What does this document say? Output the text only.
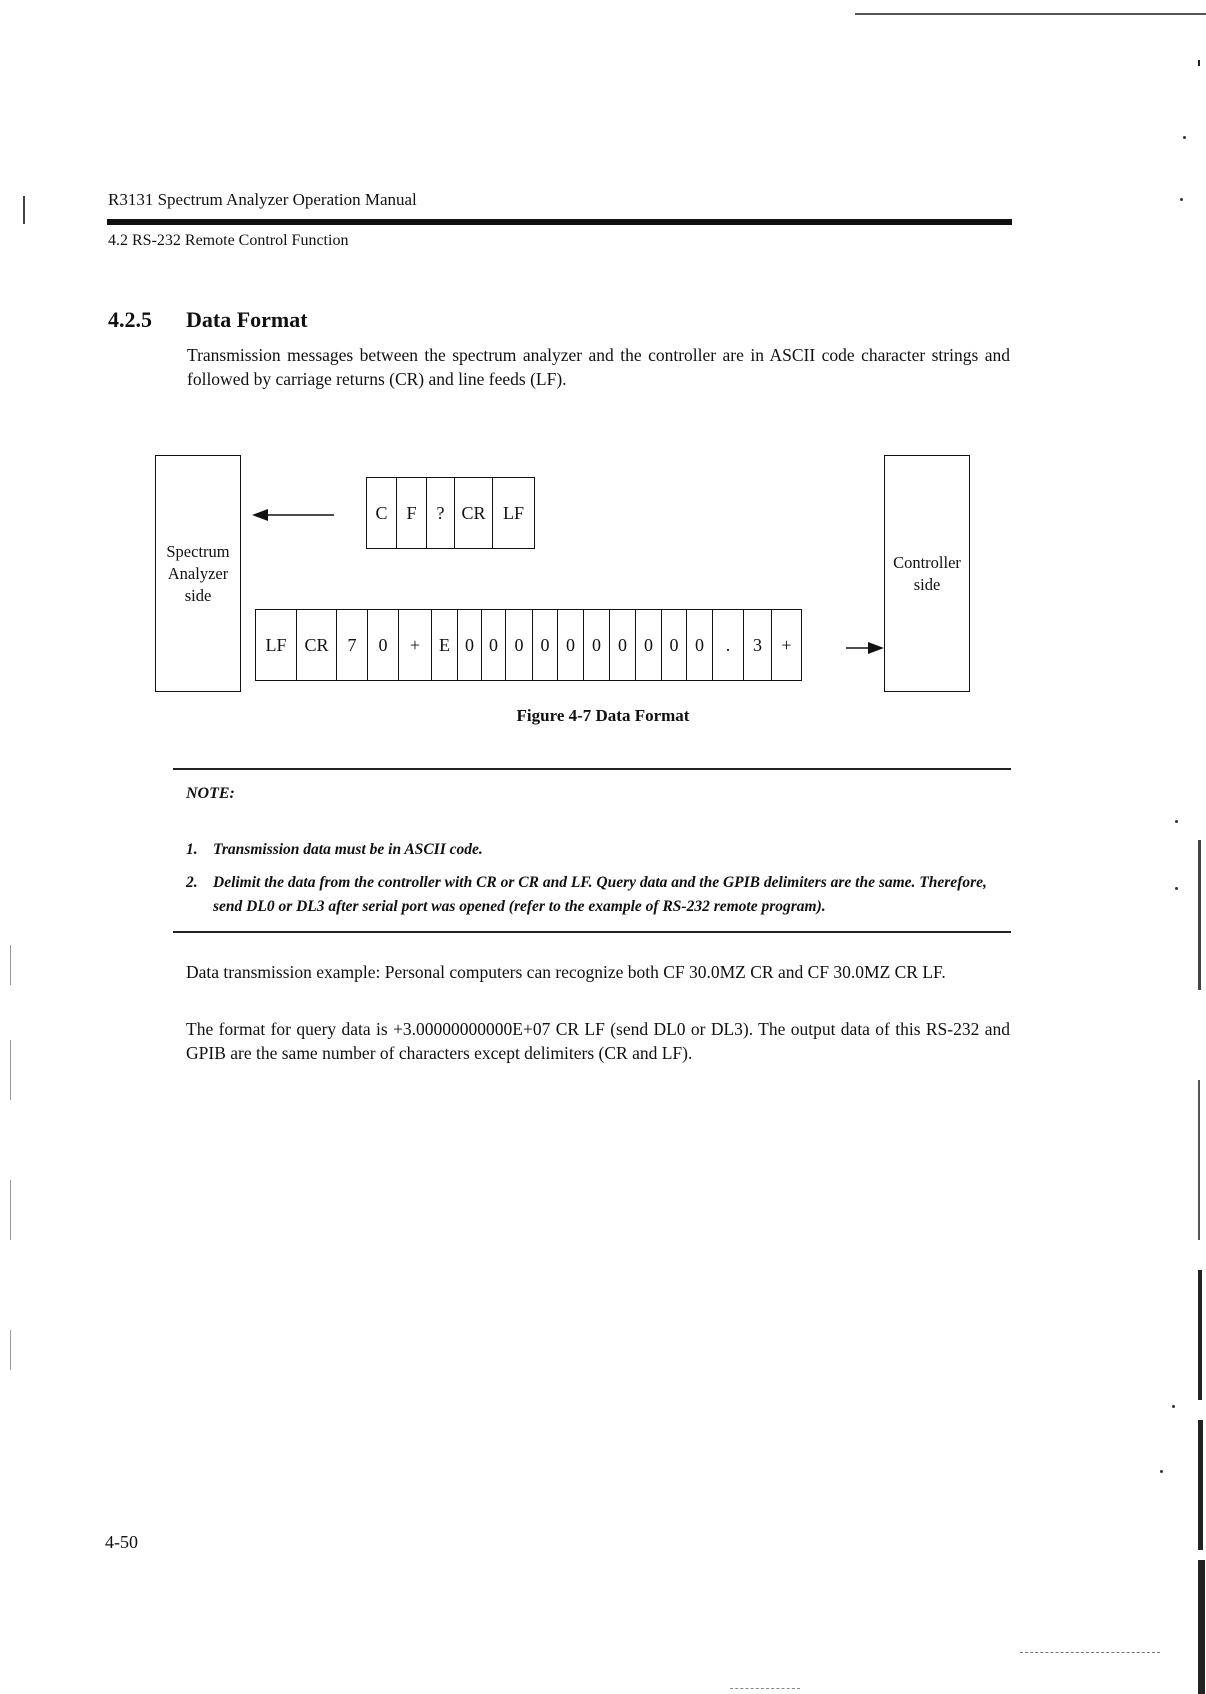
R3131 Spectrum Analyzer Operation Manual
4.2 RS-232 Remote Control Function
4.2.5 Data Format
Transmission messages between the spectrum analyzer and the controller are in ASCII code character strings and followed by carriage returns (CR) and line feeds (LF).
Spectrum
Analyzer
side
Controller
side
C	F	? CR LF
LF CR	7	0	+	E 0 0 0 0 0 0 0 0 0 0	.	3	+
Figure 4-7 Data Format
NOTE:
1. Transmission data must be in ASCII code.
2. Delimit the data from the controller with CR or CR and LF. Query data and the GPIB delimiters are the same. Therefore, send DL0 or DL3 after serial port was opened (refer to the example of RS-232 remote program).
Data transmission example: Personal computers can recognize both CF 30.0MZ CR and CF 30.0MZ CR LF.
The format for query data is +3.00000000000E+07 CR LF (send DL0 or DL3). The output data of this RS-232 and GPIB are the same number of characters except delimiters (CR and LF).
4-50
